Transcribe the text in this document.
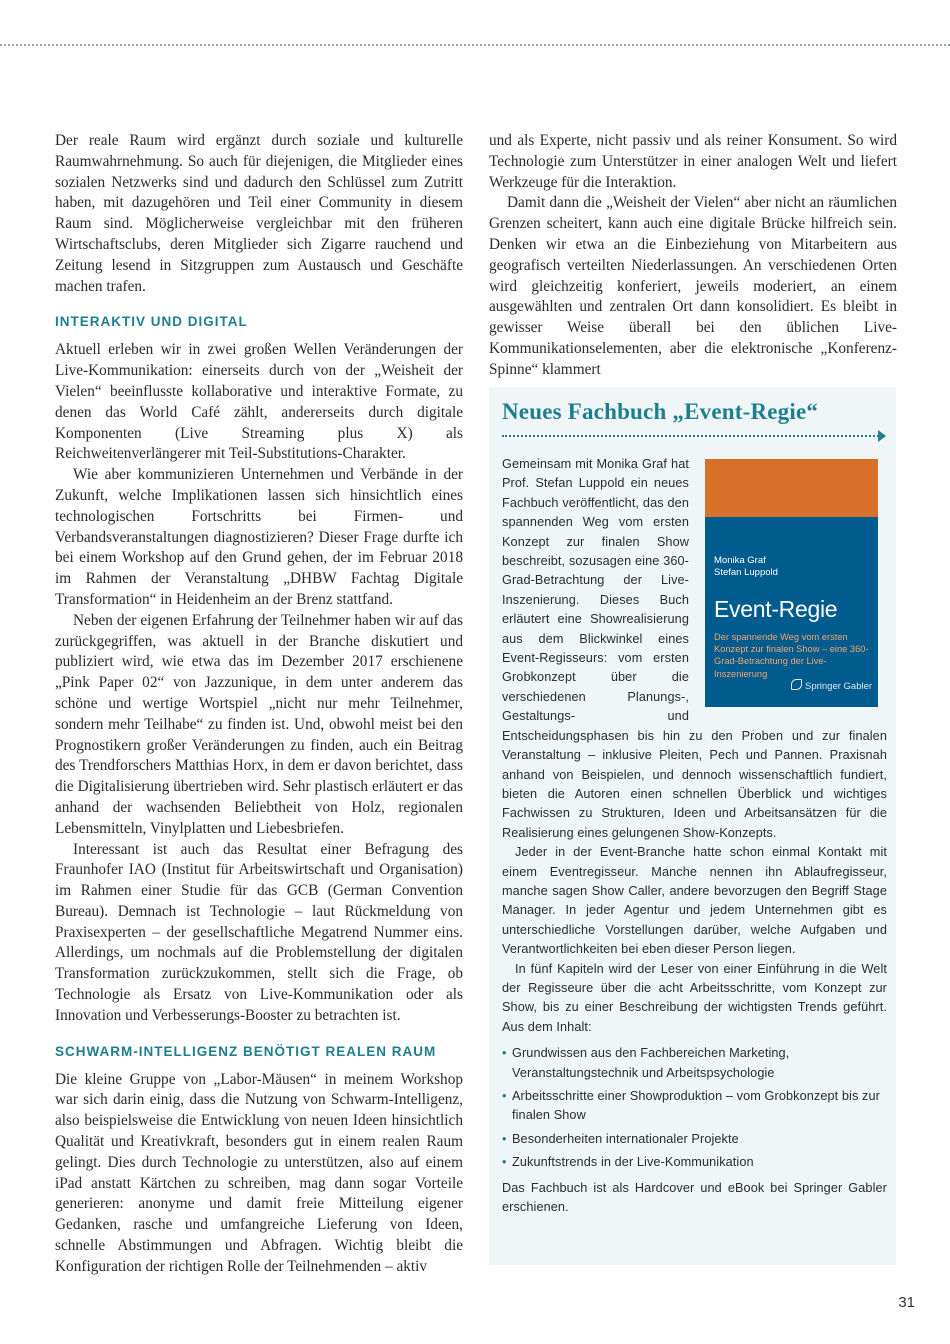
Der reale Raum wird ergänzt durch soziale und kulturelle Raumwahrnehmung. So auch für diejenigen, die Mitglieder eines sozialen Netzwerks sind und dadurch den Schlüssel zum Zutritt haben, mit dazugehören und Teil einer Community in diesem Raum sind. Möglicherweise vergleichbar mit den früheren Wirtschaftsclubs, deren Mitglieder sich Zigarre rauchend und Zeitung lesend in Sitzgruppen zum Austausch und Geschäfte machen trafen.

INTERAKTIV UND DIGITAL

Aktuell erleben wir in zwei großen Wellen Veränderungen der Live-Kommunikation: einerseits durch von der „Weisheit der Vielen“ beeinflusste kollaborative und interaktive Formate, zu denen das World Café zählt, andererseits durch digitale Komponenten (Live Streaming plus X) als Reichweitenverlängerer mit Teil-Substitutions-Charakter.

Wie aber kommunizieren Unternehmen und Verbände in der Zukunft, welche Implikationen lassen sich hinsichtlich eines technologischen Fortschritts bei Firmen- und Verbandsveranstaltungen diagnostizieren? Dieser Frage durfte ich bei einem Workshop auf den Grund gehen, der im Februar 2018 im Rahmen der Veranstaltung „DHBW Fachtag Digitale Transformation“ in Heidenheim an der Brenz stattfand.

Neben der eigenen Erfahrung der Teilnehmer haben wir auf das zurückgegriffen, was aktuell in der Branche diskutiert und publiziert wird, wie etwa das im Dezember 2017 erschienene „Pink Paper 02“ von Jazzunique, in dem unter anderem das schöne und wertige Wortspiel „nicht nur mehr Teilnehmer, sondern mehr Teilhabe“ zu finden ist. Und, obwohl meist bei den Prognostikern großer Veränderungen zu finden, auch ein Beitrag des Trendforschers Matthias Horx, in dem er davon berichtet, dass die Digitalisierung übertrieben wird. Sehr plastisch erläutert er das anhand der wachsenden Beliebtheit von Holz, regionalen Lebensmitteln, Vinylplatten und Liebesbriefen.

Interessant ist auch das Resultat einer Befragung des Fraunhofer IAO (Institut für Arbeitswirtschaft und Organisation) im Rahmen einer Studie für das GCB (German Convention Bureau). Demnach ist Technologie – laut Rückmeldung von Praxisexperten – der gesellschaftliche Megatrend Nummer eins. Allerdings, um nochmals auf die Problemstellung der digitalen Transformation zurückzukommen, stellt sich die Frage, ob Technologie als Ersatz von Live-Kommunikation oder als Innovation und Verbesserungs-Booster zu betrachten ist.

SCHWARM-INTELLIGENZ BENÖTIGT REALEN RAUM

Die kleine Gruppe von „Labor-Mäusen“ in meinem Workshop war sich darin einig, dass die Nutzung von Schwarm-Intelligenz, also beispielsweise die Entwicklung von neuen Ideen hinsichtlich Qualität und Kreativkraft, besonders gut in einem realen Raum gelingt. Dies durch Technologie zu unterstützen, also auf einem iPad anstatt Kärtchen zu schreiben, mag dann sogar Vorteile generieren: anonyme und damit freie Mitteilung eigener Gedanken, rasche und umfangreiche Lieferung von Ideen, schnelle Abstimmungen und Abfragen. Wichtig bleibt die Konfiguration der richtigen Rolle der Teilnehmenden – aktiv

und als Experte, nicht passiv und als reiner Konsument. So wird Technologie zum Unterstützer in einer analogen Welt und liefert Werkzeuge für die Interaktion.

Damit dann die „Weisheit der Vielen“ aber nicht an räumlichen Grenzen scheitert, kann auch eine digitale Brücke hilfreich sein. Denken wir etwa an die Einbeziehung von Mitarbeitern aus geografisch verteilten Niederlassungen. An verschiedenen Orten wird gleichzeitig konferiert, jeweils moderiert, an einem ausgewählten und zentralen Ort dann konsolidiert. Es bleibt in gewisser Weise überall bei den üblichen Live-Kommunikationselementen, aber die elektronische „Konferenz-Spinne“ klammert

Neues Fachbuch „Event-Regie“
Monika Graf
Stefan Luppold
Event-Regie
Der spannende Weg vom ersten Konzept zur finalen Show – eine 360-Grad-Betrachtung der Live-Inszenierung
Springer Gabler

Gemeinsam mit Monika Graf hat Prof. Stefan Luppold ein neues Fachbuch veröffentlicht, das den spannenden Weg vom ersten Konzept zur finalen Show beschreibt, sozusagen eine 360-Grad-Betrachtung der Live-Inszenierung. Dieses Buch erläutert eine Showrealisierung aus dem Blickwinkel eines Event-Regisseurs: vom ersten Grobkonzept über die verschiedenen Planungs-, Gestaltungs- und Entscheidungsphasen bis hin zu den Proben und zur finalen Veranstaltung – inklusive Pleiten, Pech und Pannen. Praxisnah anhand von Beispielen, und dennoch wissenschaftlich fundiert, bieten die Autoren einen schnellen Überblick und wichtiges Fachwissen zu Strukturen, Ideen und Arbeitsansätzen für die Realisierung eines gelungenen Show-Konzepts.

Jeder in der Event-Branche hatte schon einmal Kontakt mit einem Eventregisseur. Manche nennen ihn Ablaufregisseur, manche sagen Show Caller, andere bevorzugen den Begriff Stage Manager. In jeder Agentur und jedem Unternehmen gibt es unterschiedliche Vorstellungen darüber, welche Aufgaben und Verantwortlichkeiten bei eben dieser Person liegen.

In fünf Kapiteln wird der Leser von einer Einführung in die Welt der Regisseure über die acht Arbeitsschritte, vom Konzept zur Show, bis zu einer Beschreibung der wichtigsten Trends geführt. Aus dem Inhalt:

• Grundwissen aus den Fachbereichen Marketing, Veranstaltungstechnik und Arbeitspsychologie
• Arbeitsschritte einer Showproduktion – vom Grobkonzept bis zur finalen Show
• Besonderheiten internationaler Projekte
• Zukunftstrends in der Live-Kommunikation

Das Fachbuch ist als Hardcover und eBook bei Springer Gabler erschienen.

31
